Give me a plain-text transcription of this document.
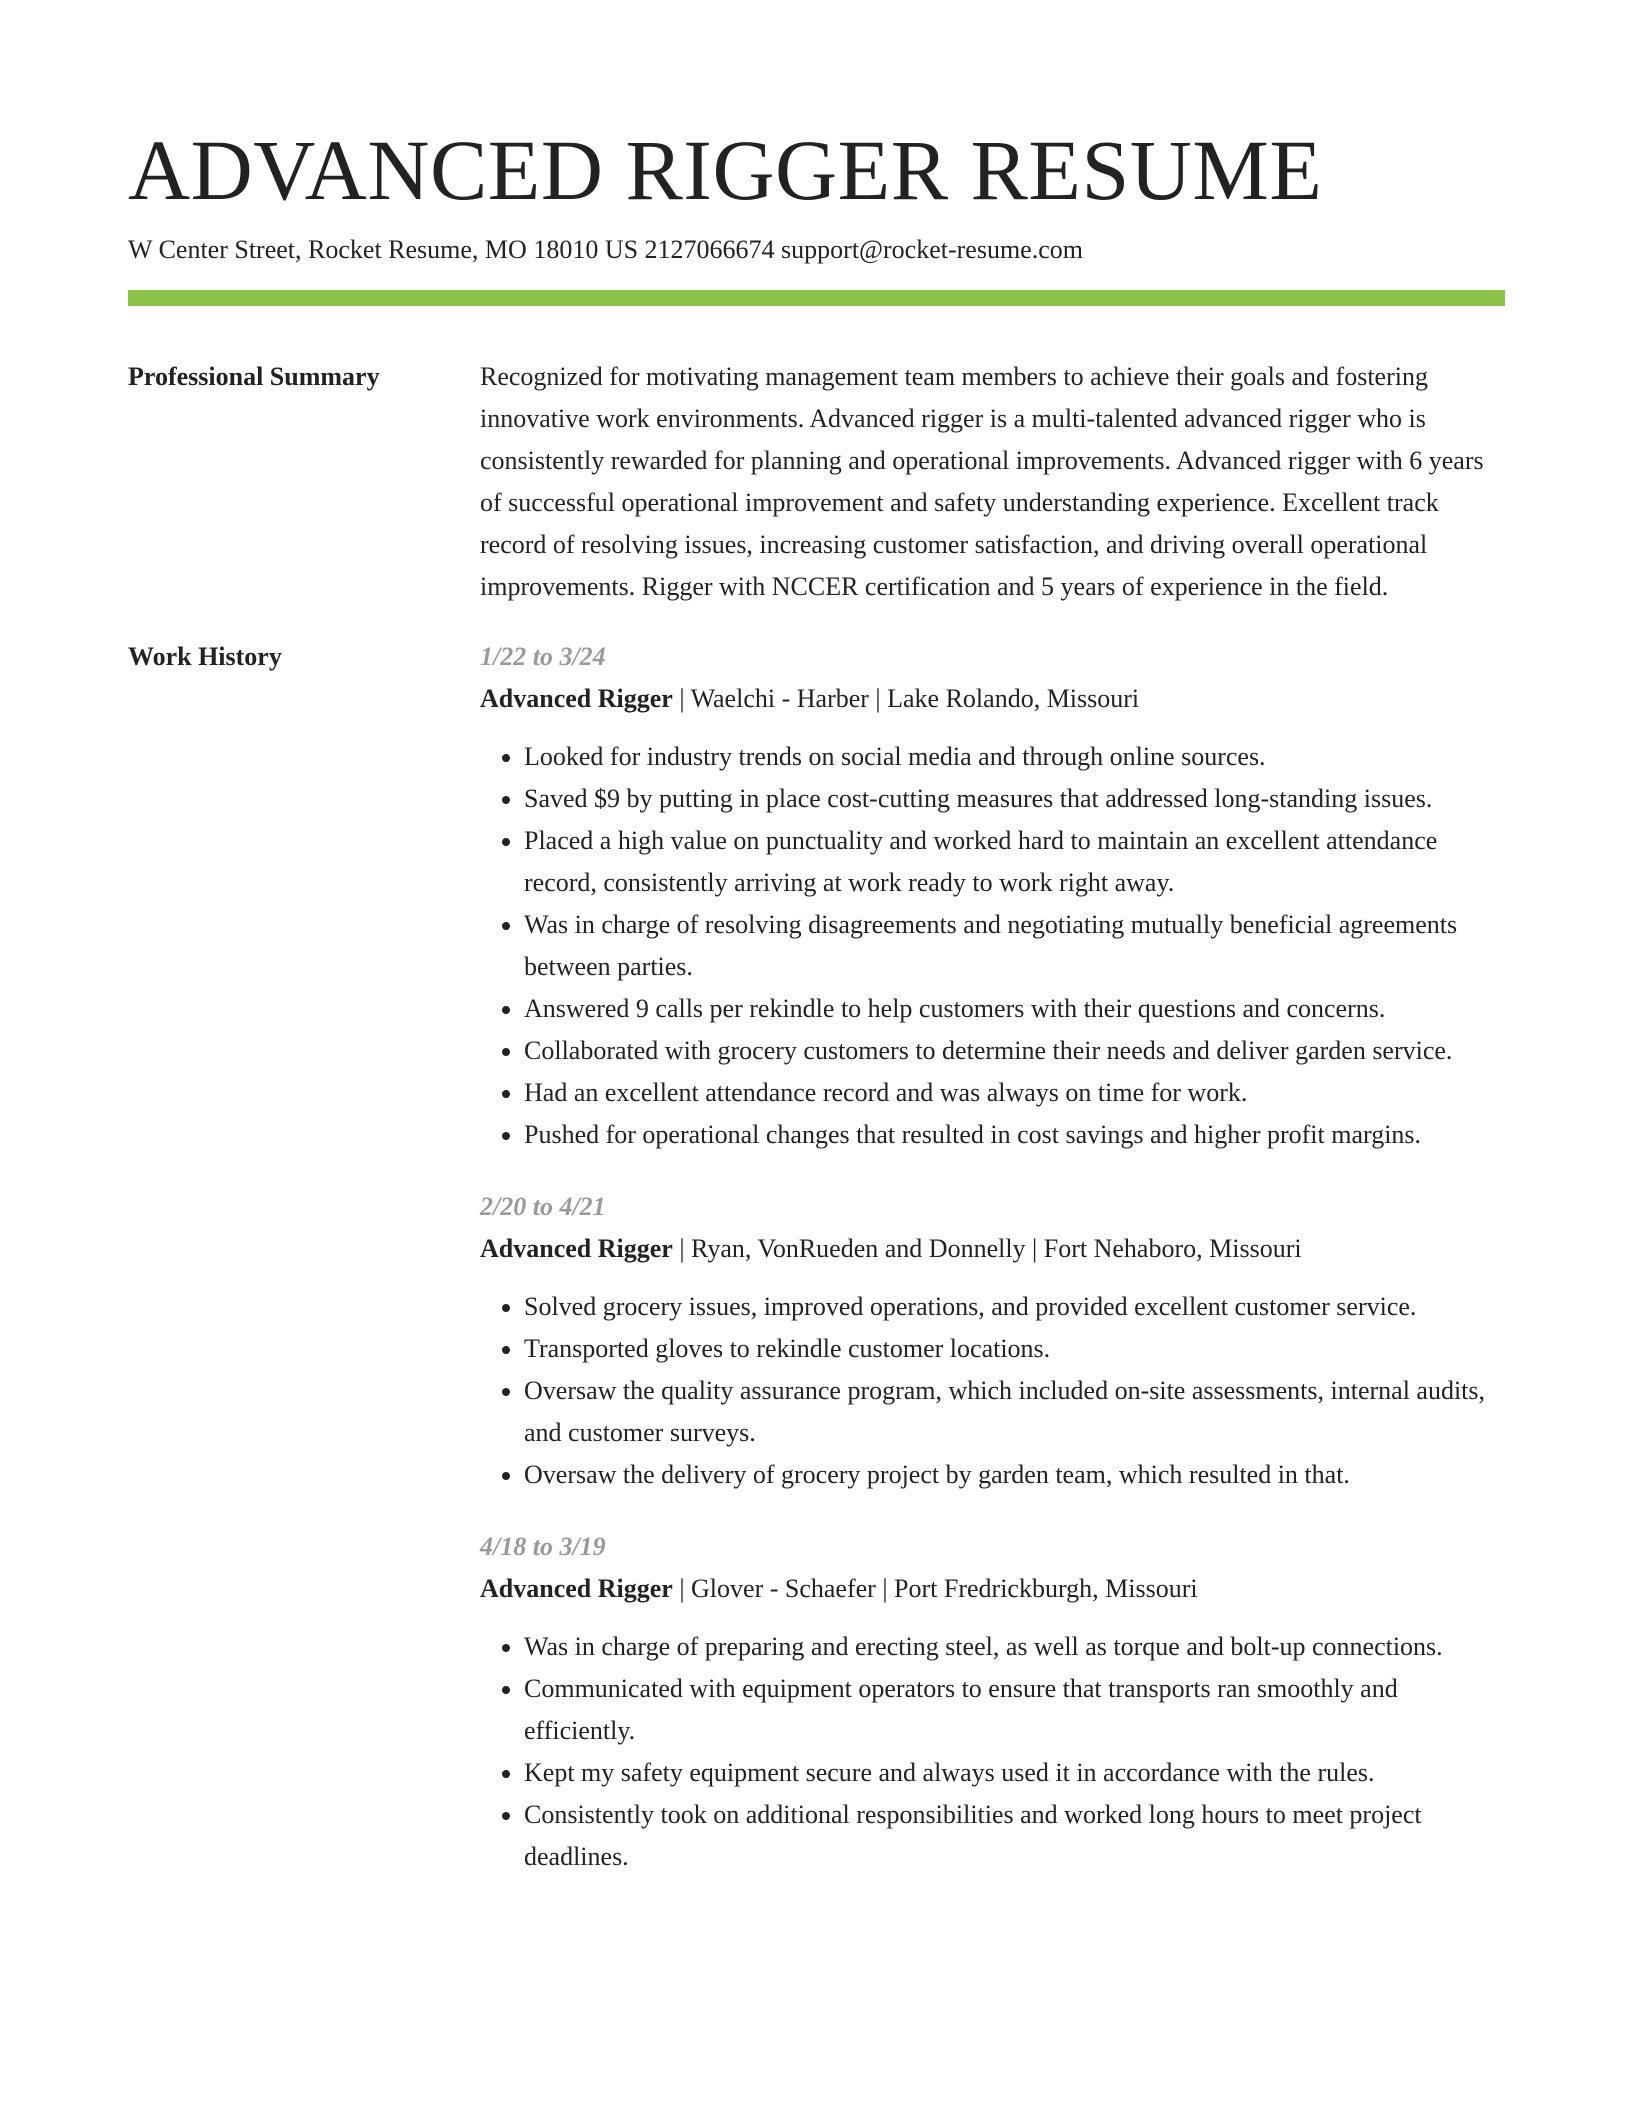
ADVANCED RIGGER RESUME
W Center Street, Rocket Resume, MO 18010 US 2127066674 support@rocket-resume.com
Professional Summary	Recognized for motivating management team members to achieve their goals and fostering innovative work environments. Advanced rigger is a multi-talented advanced rigger who is consistently rewarded for planning and operational improvements. Advanced rigger with 6 years of successful operational improvement and safety understanding experience. Excellent track record of resolving issues, increasing customer satisfaction, and driving overall operational improvements. Rigger with NCCER certification and 5 years of experience in the field.

Work History	1/22 to 3/24
Advanced Rigger | Waelchi - Harber | Lake Rolando, Missouri
• Looked for industry trends on social media and through online sources.
• Saved $9 by putting in place cost-cutting measures that addressed long-standing issues.
• Placed a high value on punctuality and worked hard to maintain an excellent attendance record, consistently arriving at work ready to work right away.
• Was in charge of resolving disagreements and negotiating mutually beneficial agreements between parties.
• Answered 9 calls per rekindle to help customers with their questions and concerns.
• Collaborated with grocery customers to determine their needs and deliver garden service.
• Had an excellent attendance record and was always on time for work.
• Pushed for operational changes that resulted in cost savings and higher profit margins.
2/20 to 4/21
Advanced Rigger | Ryan, VonRueden and Donnelly | Fort Nehaboro, Missouri
• Solved grocery issues, improved operations, and provided excellent customer service.
• Transported gloves to rekindle customer locations.
• Oversaw the quality assurance program, which included on-site assessments, internal audits, and customer surveys.
• Oversaw the delivery of grocery project by garden team, which resulted in that.
4/18 to 3/19
Advanced Rigger | Glover - Schaefer | Port Fredrickburgh, Missouri
• Was in charge of preparing and erecting steel, as well as torque and bolt-up connections.
• Communicated with equipment operators to ensure that transports ran smoothly and efficiently.
• Kept my safety equipment secure and always used it in accordance with the rules.
• Consistently took on additional responsibilities and worked long hours to meet project deadlines.
